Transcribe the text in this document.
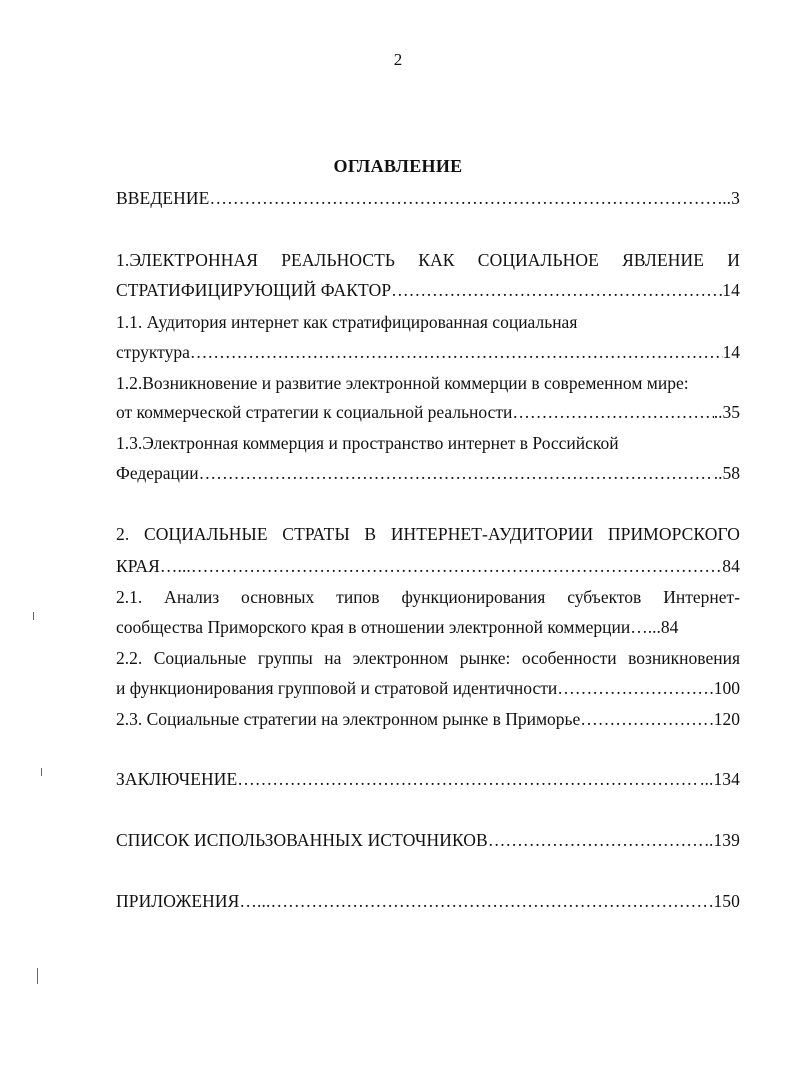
2
ОГЛАВЛЕНИЕ
ВВЕДЕНИЕ ……………………………………………………………………………………………………………………………………………………………………………………………………	..3
1.ЭЛЕКТРОННАЯ РЕАЛЬНОСТЬ КАК СОЦИАЛЬНОЕ ЯВЛЕНИЕ И
СТРАТИФИЦИРУЮЩИЙ ФАКТОР ……………………………………………………………………………………………………………………………………………………………………………………………………	14
1.1. Аудитория интернет как стратифицированная социальная
структура ……………………………………………………………………………………………………………………………………………………………………………………………………	14
1.2.Возникновение и развитие электронной коммерции в современном мире:
от коммерческой стратегии к социальной реальности ……………………………………………………………………………………………………………………………………………………………………………………………………	..35
1.3.Электронная коммерция и пространство интернет в Российской
Федерации ……………………………………………………………………………………………………………………………………………………………………………………………………	..58
2. СОЦИАЛЬНЫЕ СТРАТЫ В ИНТЕРНЕТ-АУДИТОРИИ ПРИМОРСКОГО
КРАЯ…... ……………………………………………………………………………………………………………………………………………………………………………………………………	84
2.1. Анализ основных типов функционирования субъектов Интернет-
сообщества Приморского края в отношении электронной коммерции …...84
2.2. Социальные группы на электронном рынке: особенности возникновения
и функционирования групповой и стратовой идентичности ……………………………………………………………………………………………………………………………………………………………………………………………………	.100
2.3. Социальные стратегии на электронном рынке в Приморье ……………………………………………………………………………………………………………………………………………………………………………………………………	.120
ЗАКЛЮЧЕНИЕ ……………………………………………………………………………………………………………………………………………………………………………………………………	...134
СПИСОК ИСПОЛЬЗОВАННЫХ ИСТОЧНИКОВ ……………………………………………………………………………………………………………………………………………………………………………………………………	..139
ПРИЛОЖЕНИЯ…... ……………………………………………………………………………………………………………………………………………………………………………………………………	.150
